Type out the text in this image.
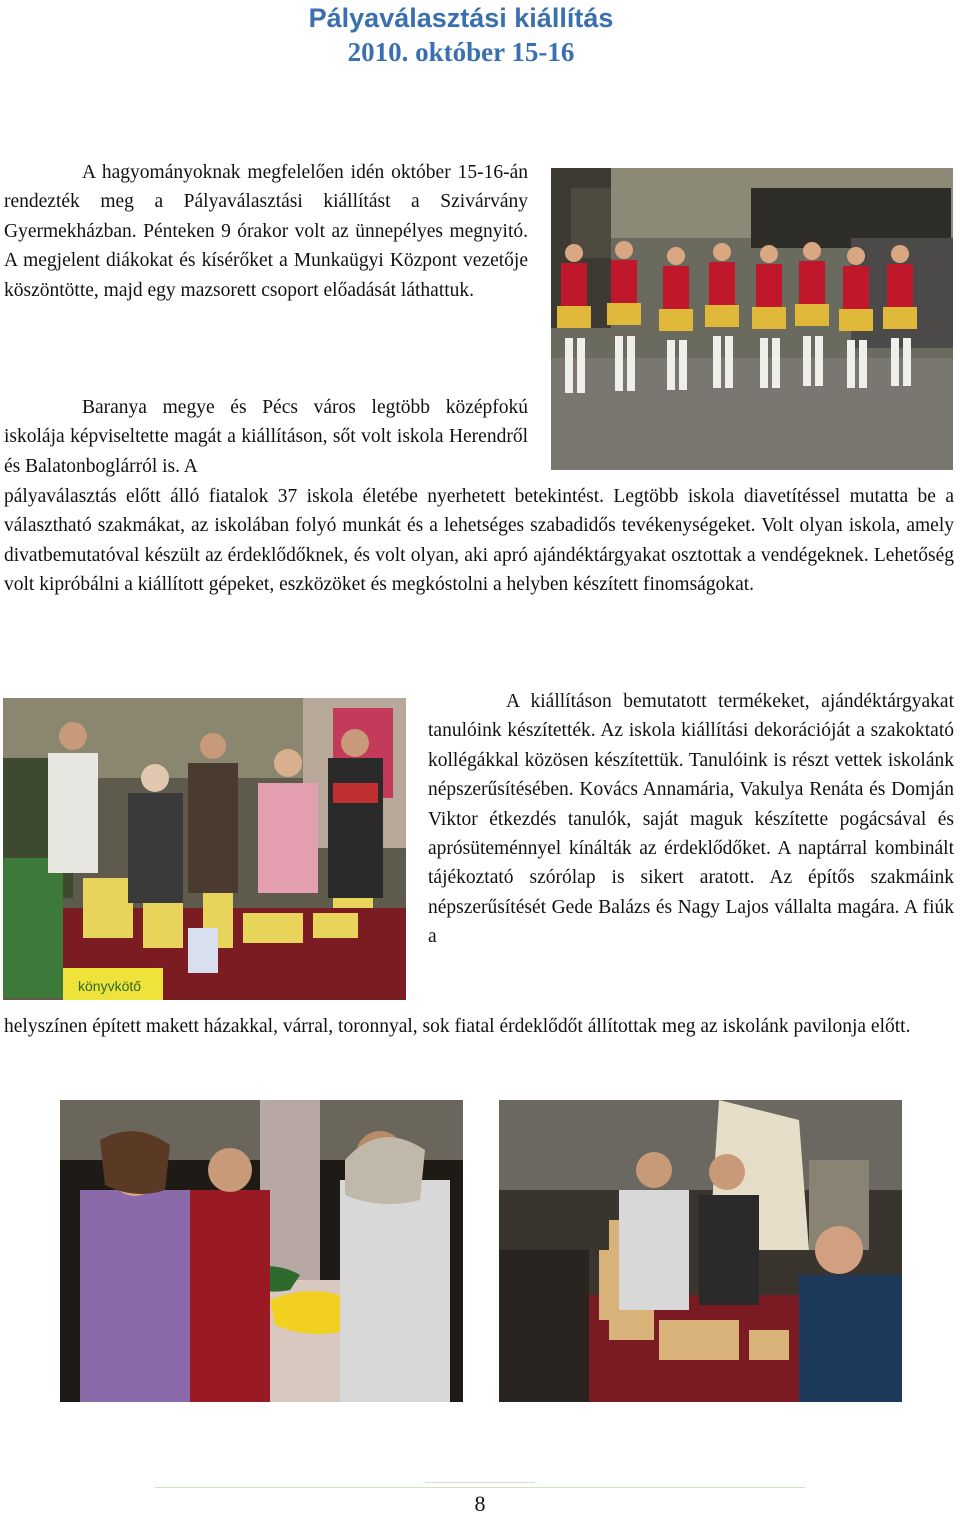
Pályaválasztási kiállítás
2010. október 15-16

A hagyományoknak megfelelően idén október 15-16-án rendezték meg a Pályaválasztási kiállítást a Szivárvány Gyermekházban. Pénteken 9 órakor volt az ünnepélyes megnyitó. A megjelent diákokat és kísérőket a Munkaügyi Központ vezetője köszöntötte, majd egy mazsorett csoport előadását láthattuk.

Baranya megye és Pécs város legtöbb középfokú iskolája képviseltette magát a kiállításon, sőt volt iskola Herendről és Balatonboglárról is. A

pályaválasztás előtt álló fiatalok 37 iskola életébe nyerhetett betekintést. Legtöbb iskola diavetítéssel mutatta be a választható szakmákat, az iskolában folyó munkát és a lehetséges szabadidős tevékenységeket. Volt olyan iskola, amely divatbemutatóval készült az érdeklődőknek, és volt olyan, aki apró ajándéktárgyakat osztottak a vendégeknek. Lehetőség volt kipróbálni a kiállított gépeket, eszközöket és megkóstolni a helyben készített finomságokat.

könyvkötő

A kiállításon bemutatott termékeket, ajándéktárgyakat tanulóink készítették. Az iskola kiállítási dekorációját a szakoktató kollégákkal közösen készítettük. Tanulóink is részt vettek iskolánk népszerűsítésében. Kovács Annamária, Vakulya Renáta és Domján Viktor étkezdés tanulók, saját maguk készítette pogácsával és aprósüteménnyel kínálták az érdeklődőket. A naptárral kombinált tájékoztató szórólap is sikert aratott. Az építős szakmáink népszerűsítését Gede Balázs és Nagy Lajos vállalta magára. A fiúk a

helyszínen épített makett házakkal, várral, toronnyal, sok fiatal érdeklődőt állítottak meg az iskolánk pavilonja előtt.

8
